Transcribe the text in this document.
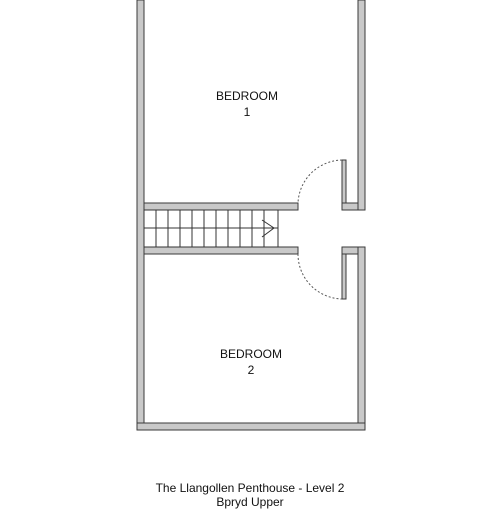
BEDROOM
1
BEDROOM
2
The Llangollen Penthouse - Level 2
Bpryd Upper
